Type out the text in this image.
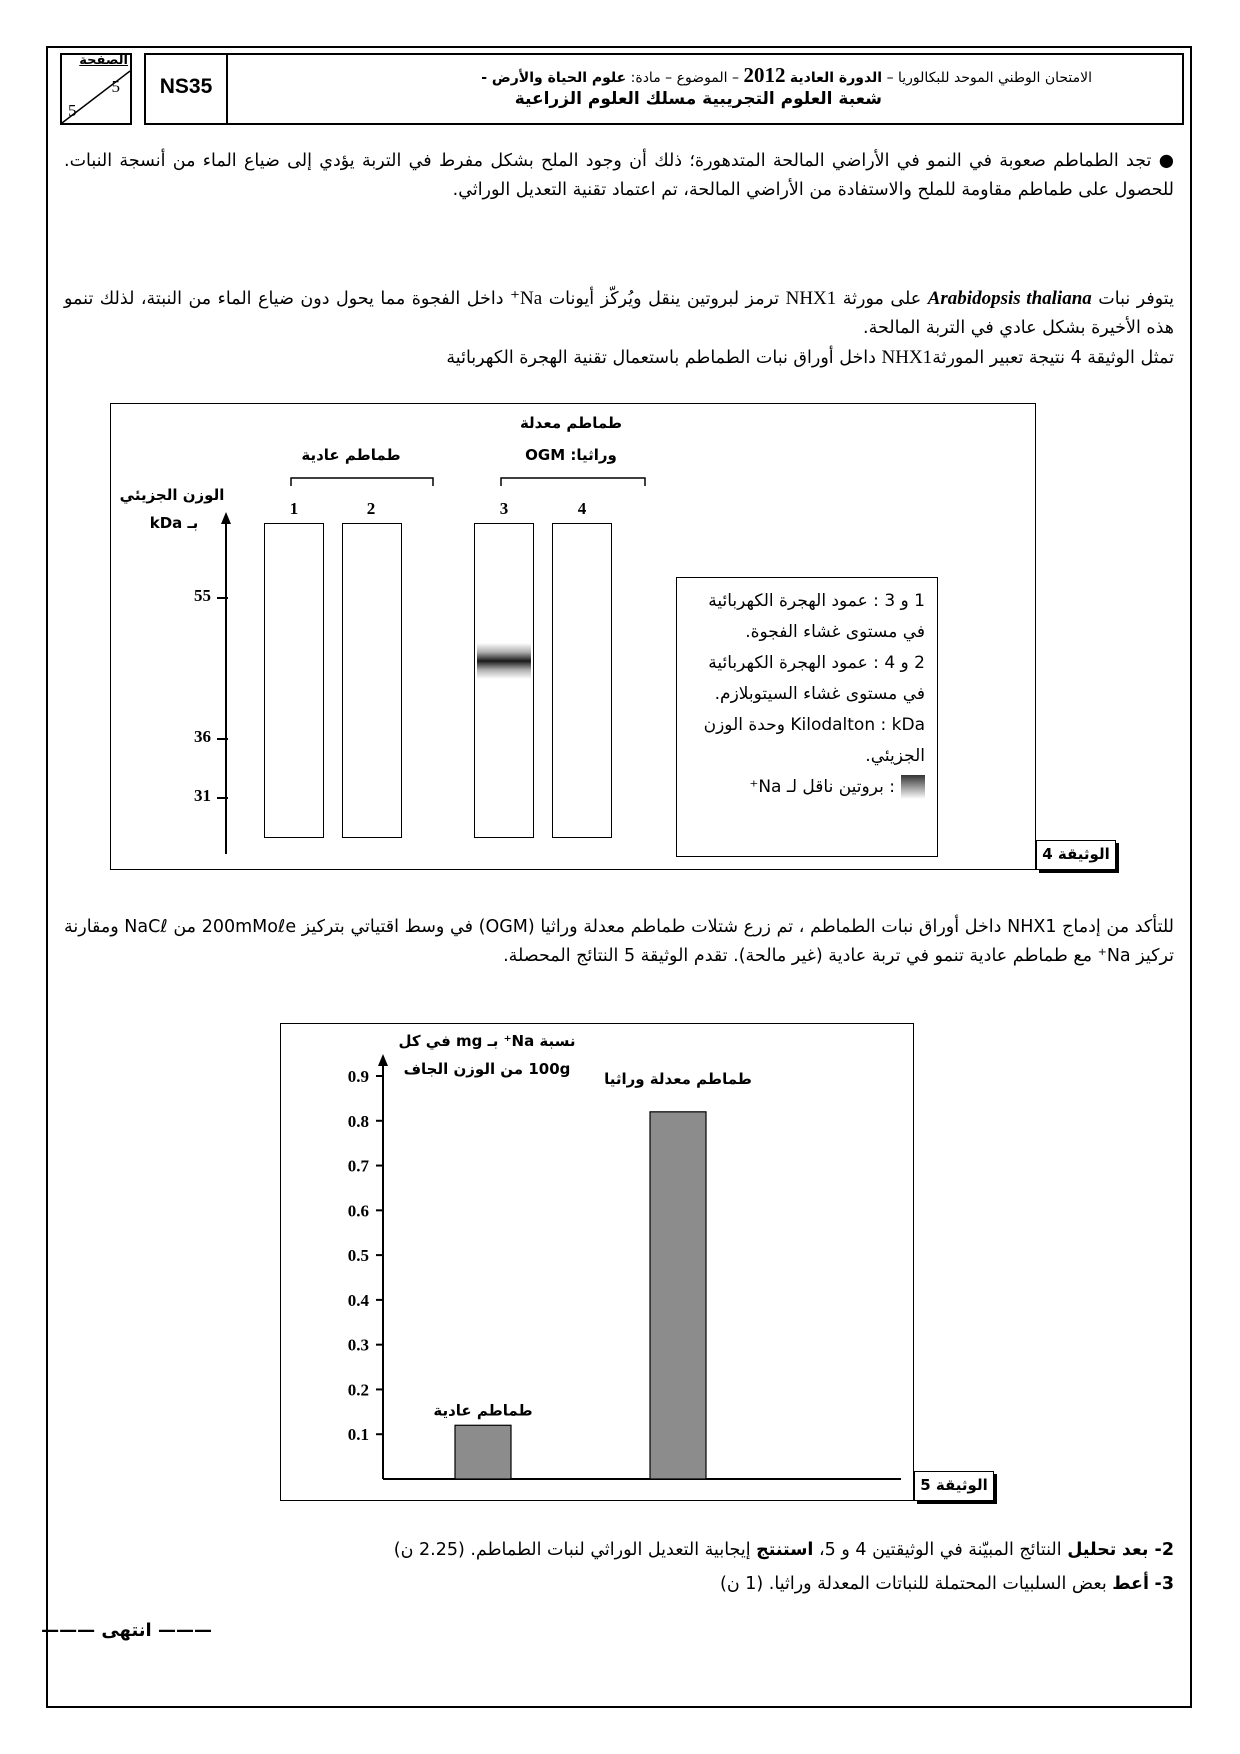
الصفحة
5
5
NS35	الامتحان الوطني الموحد للبكالوريا – الدورة العادية 2012 – الموضوع – مادة: علوم الحياة والأرض -
شعبة العلوم التجريبية مسلك العلوم الزراعية

● تجد الطماطم صعوبة في النمو في الأراضي المالحة المتدهورة؛ ذلك أن وجود الملح بشكل مفرط في التربة يؤدي إلى ضياع الماء من أنسجة النبات. للحصول على طماطم مقاومة للملح والاستفادة من الأراضي المالحة، تم اعتماد تقنية التعديل الوراثي.

يتوفر نبات Arabidopsis thaliana على مورثة NHX1 ترمز لبروتين ينقل ويُركّز أيونات Na⁺ داخل الفجوة مما يحول دون ضياع الماء من النبتة، لذلك تنمو هذه الأخيرة بشكل عادي في التربة المالحة.

تمثل الوثيقة 4 نتيجة تعبير المورثةNHX1 داخل أوراق نبات الطماطم باستعمال تقنية الهجرة الكهربائية

طماطم عادية
طماطم معدلة
وراثيا: OGM
1	2	3	4
الوزن الجزيئي
بـ kDa
55
36
31

1 و 3 : عمود الهجرة الكهربائية في مستوى غشاء الفجوة.

2 و 4 : عمود الهجرة الكهربائية في مستوى غشاء السيتوبلازم.

Kilodalton : kDa وحدة الوزن الجزيئي.

: بروتين ناقل لـ Na⁺

الوثيقة 4

للتأكد من إدماج NHX1 داخل أوراق نبات الطماطم ، تم زرع شتلات طماطم معدلة وراثيا (OGM) في وسط اقتياتي بتركيز 200mMoℓe من NaCℓ ومقارنة تركيز Na⁺ مع طماطم عادية تنمو في تربة عادية (غير مالحة). تقدم الوثيقة 5 النتائج المحصلة.

0.1
0.2
0.3
0.4
0.5
0.6
0.7
0.8
0.9
طماطم عادية
طماطم معدلة وراثيا
نسبة Na⁺ بـ mg في كل
100g من الوزن الجاف
الوثيقة 5
2- بعد تحليل النتائج المبيّنة في الوثيقتين 4 و 5، استنتج إيجابية التعديل الوراثي لنبات الطماطم. (2.25 ن)
3- أعط بعض السلبيات المحتملة للنباتات المعدلة وراثيا. (1 ن)
——— انتهى ———
